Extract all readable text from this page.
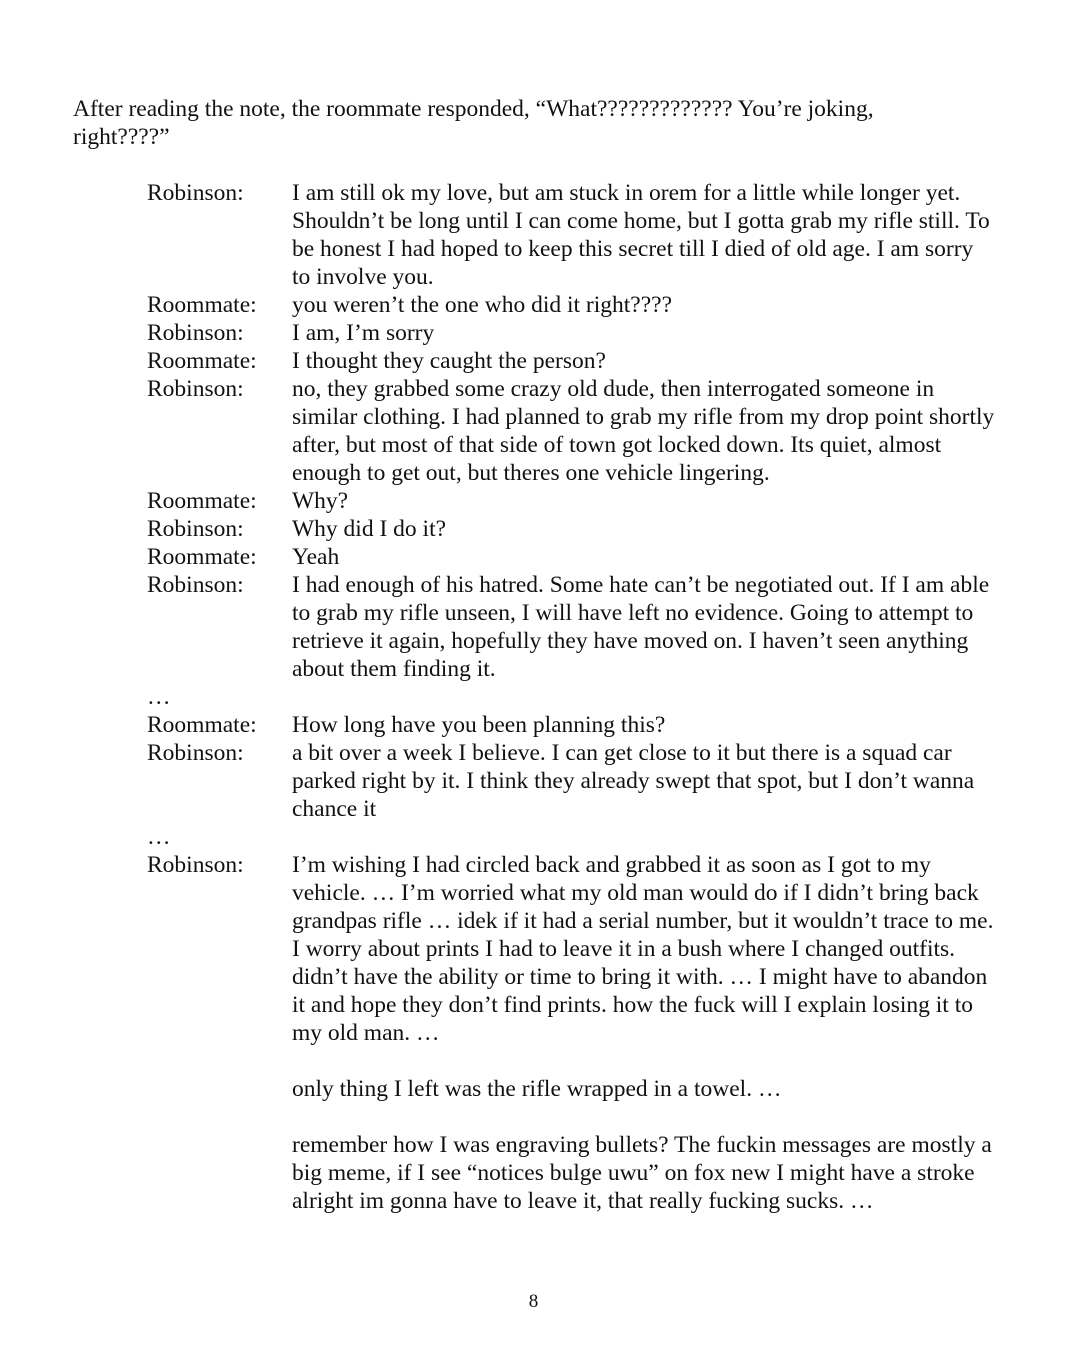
After reading the note, the roommate responded, “What????????????? You’re joking,
right????”

Robinson:	I am still ok my love, but am stuck in orem for a little while longer yet.
Shouldn’t be long until I can come home, but I gotta grab my rifle still. To
be honest I had hoped to keep this secret till I died of old age. I am sorry
to involve you.
Roommate:	you weren’t the one who did it right????
Robinson:	I am, I’m sorry
Roommate:	I thought they caught the person?
Robinson:	no, they grabbed some crazy old dude, then interrogated someone in
similar clothing. I had planned to grab my rifle from my drop point shortly
after, but most of that side of town got locked down. Its quiet, almost
enough to get out, but theres one vehicle lingering.
Roommate:	Why?
Robinson:	Why did I do it?
Roommate:	Yeah
Robinson:	I had enough of his hatred. Some hate can’t be negotiated out. If I am able
to grab my rifle unseen, I will have left no evidence. Going to attempt to
retrieve it again, hopefully they have moved on. I haven’t seen anything
about them finding it.
…
Roommate:	How long have you been planning this?
Robinson:	a bit over a week I believe. I can get close to it but there is a squad car
parked right by it. I think they already swept that spot, but I don’t wanna
chance it
…
Robinson:	I’m wishing I had circled back and grabbed it as soon as I got to my
vehicle. … I’m worried what my old man would do if I didn’t bring back
grandpas rifle … idek if it had a serial number, but it wouldn’t trace to me.
I worry about prints I had to leave it in a bush where I changed outfits.
didn’t have the ability or time to bring it with. … I might have to abandon
it and hope they don’t find prints. how the fuck will I explain losing it to
my old man. …
only thing I left was the rifle wrapped in a towel. …
remember how I was engraving bullets? The fuckin messages are mostly a
big meme, if I see “notices bulge uwu” on fox new I might have a stroke
alright im gonna have to leave it, that really fucking sucks. …
8
